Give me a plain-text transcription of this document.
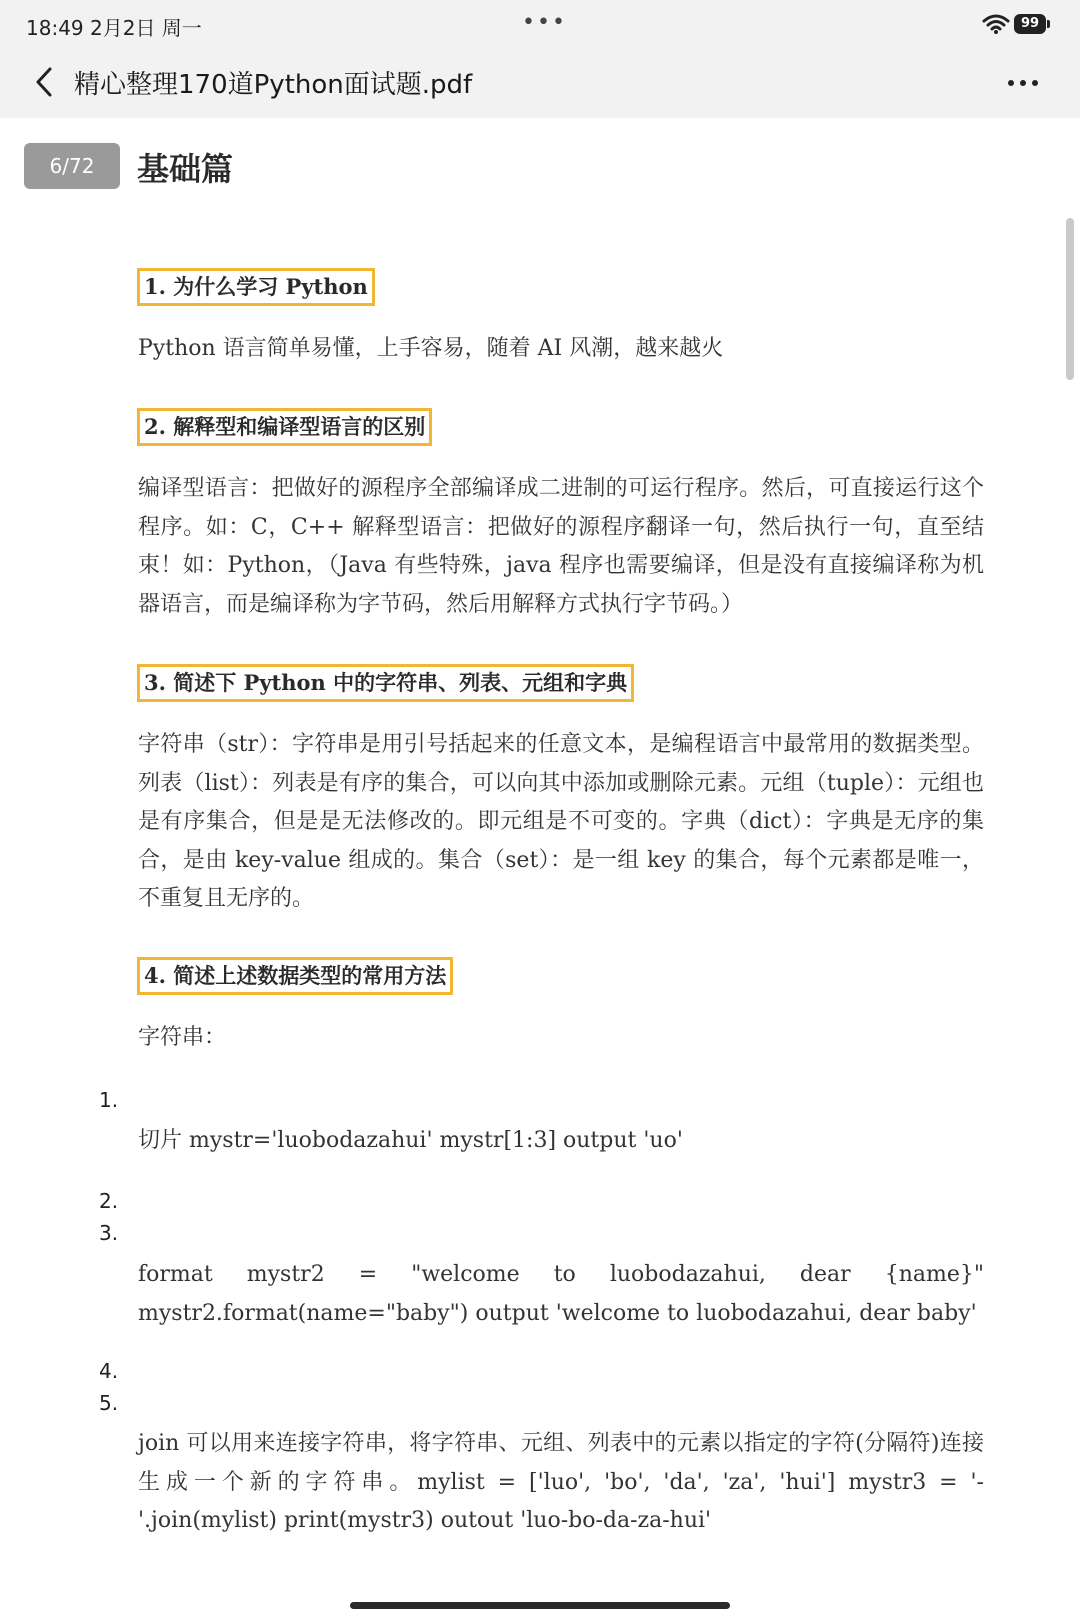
18:49 2月2日 周一	•••	99
精心整理170道Python面试题.pdf
6/72	基础篇
1. 为什么学习 Python
Python 语言简单易懂，上手容易，随着 AI 风潮，越来越火
2. 解释型和编译型语言的区别
编译型语言：把做好的源程序全部编译成二进制的可运行程序。然后，可直接运行这个程序。如：C，C++ 解释型语言：把做好的源程序翻译一句，然后执行一句，直至结束！如：Python，（Java 有些特殊，java 程序也需要编译，但是没有直接编译称为机器语言，而是编译称为字节码，然后用解释方式执行字节码。）
3. 简述下 Python 中的字符串、列表、元组和字典
字符串（str）：字符串是用引号括起来的任意文本，是编程语言中最常用的数据类型。列表（list）：列表是有序的集合，可以向其中添加或删除元素。元组（tuple）：元组也是有序集合，但是是无法修改的。即元组是不可变的。字典（dict）：字典是无序的集合，是由 key-value 组成的。集合（set）：是一组 key 的集合，每个元素都是唯一，不重复且无序的。
4. 简述上述数据类型的常用方法
字符串：
1.
切片 mystr='luobodazahui' mystr[1:3] output 'uo'
2.
3.
format mystr2 = "welcome to luobodazahui, dear {name}" mystr2.format(name="baby") output 'welcome to luobodazahui, dear baby'
4.
5.
join 可以用来连接字符串，将字符串、元组、列表中的元素以指定的字符(分隔符)连接生成一个新的字符串。mylist = ['luo', 'bo', 'da', 'za', 'hui'] mystr3 = '-'.join(mylist) print(mystr3) outout 'luo-bo-da-za-hui'
